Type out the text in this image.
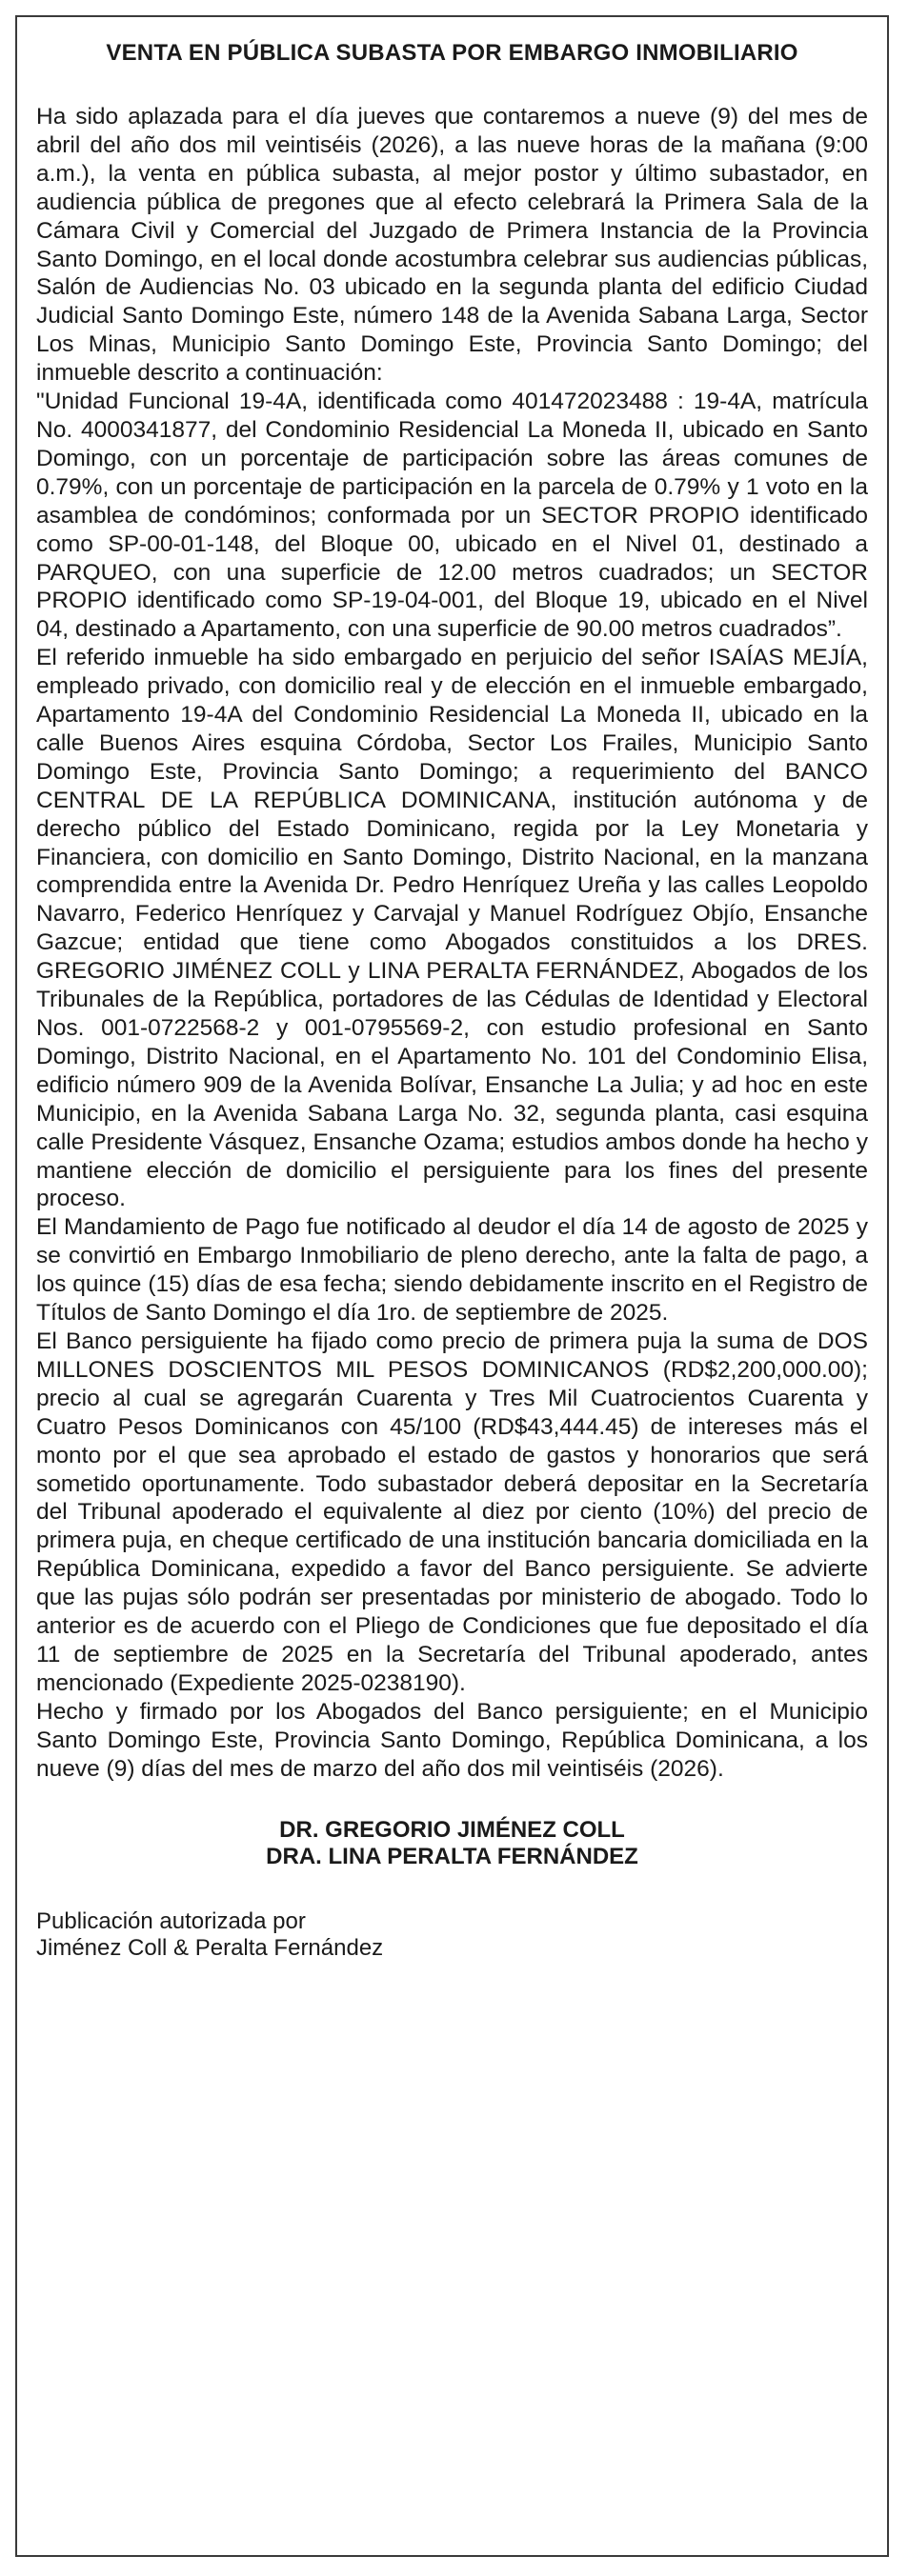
VENTA EN PÚBLICA SUBASTA POR EMBARGO INMOBILIARIO

Ha sido aplazada para el día jueves que contaremos a nueve (9) del mes de abril del año dos mil veintiséis (2026), a las nueve horas de la mañana (9:00 a.m.), la venta en pública subasta, al mejor postor y último subastador, en audiencia pública de pregones que al efecto celebrará la Primera Sala de la Cámara Civil y Comercial del Juzgado de Primera Instancia de la Provincia Santo Domingo, en el local donde acostumbra celebrar sus audiencias públicas, Salón de Audiencias No. 03 ubicado en la segunda planta del edificio Ciudad Judicial Santo Domingo Este, número 148 de la Avenida Sabana Larga, Sector Los Minas, Municipio Santo Domingo Este, Provincia Santo Domingo; del inmueble descrito a continuación:

"Unidad Funcional 19-4A, identificada como 401472023488 : 19-4A, matrícula No. 4000341877, del Condominio Residencial La Moneda II, ubicado en Santo Domingo, con un porcentaje de participación sobre las áreas comunes de 0.79%, con un porcentaje de participación en la parcela de 0.79% y 1 voto en la asamblea de condóminos; conformada por un SECTOR PROPIO identificado como SP-00-01-148, del Bloque 00, ubicado en el Nivel 01, destinado a PARQUEO, con una superficie de 12.00 metros cuadrados; un SECTOR PROPIO identificado como SP-19-04-001, del Bloque 19, ubicado en el Nivel 04, destinado a Apartamento, con una superficie de 90.00 metros cuadrados”.

El referido inmueble ha sido embargado en perjuicio del señor ISAÍAS MEJÍA, empleado privado, con domicilio real y de elección en el inmueble embargado, Apartamento 19-4A del Condominio Residencial La Moneda II, ubicado en la calle Buenos Aires esquina Córdoba, Sector Los Frailes, Municipio Santo Domingo Este, Provincia Santo Domingo; a requerimiento del BANCO CENTRAL DE LA REPÚBLICA DOMINICANA, institución autónoma y de derecho público del Estado Dominicano, regida por la Ley Monetaria y Financiera, con domicilio en Santo Domingo, Distrito Nacional, en la manzana comprendida entre la Avenida Dr. Pedro Henríquez Ureña y las calles Leopoldo Navarro, Federico Henríquez y Carvajal y Manuel Rodríguez Objío, Ensanche Gazcue; entidad que tiene como Abogados constituidos a los DRES. GREGORIO JIMÉNEZ COLL y LINA PERALTA FERNÁNDEZ, Abogados de los Tribunales de la República, portadores de las Cédulas de Identidad y Electoral Nos. 001-0722568-2 y 001-0795569-2, con estudio profesional en Santo Domingo, Distrito Nacional, en el Apartamento No. 101 del Condominio Elisa, edificio número 909 de la Avenida Bolívar, Ensanche La Julia; y ad hoc en este Municipio, en la Avenida Sabana Larga No. 32, segunda planta, casi esquina calle Presidente Vásquez, Ensanche Ozama; estudios ambos donde ha hecho y mantiene elección de domicilio el persiguiente para los fines del presente proceso.

El Mandamiento de Pago fue notificado al deudor el día 14 de agosto de 2025 y se convirtió en Embargo Inmobiliario de pleno derecho, ante la falta de pago, a los quince (15) días de esa fecha; siendo debidamente inscrito en el Registro de Títulos de Santo Domingo el día 1ro. de septiembre de 2025.

El Banco persiguiente ha fijado como precio de primera puja la suma de DOS MILLONES DOSCIENTOS MIL PESOS DOMINICANOS (RD$2,200,000.00); precio al cual se agregarán Cuarenta y Tres Mil Cuatrocientos Cuarenta y Cuatro Pesos Dominicanos con 45/100 (RD$43,444.45) de intereses más el monto por el que sea aprobado el estado de gastos y honorarios que será sometido oportunamente. Todo subastador deberá depositar en la Secretaría del Tribunal apoderado el equivalente al diez por ciento (10%) del precio de primera puja, en cheque certificado de una institución bancaria domiciliada en la República Dominicana, expedido a favor del Banco persiguiente. Se advierte que las pujas sólo podrán ser presentadas por ministerio de abogado. Todo lo anterior es de acuerdo con el Pliego de Condiciones que fue depositado el día 11 de septiembre de 2025 en la Secretaría del Tribunal apoderado, antes mencionado (Expediente 2025-0238190).

Hecho y firmado por los Abogados del Banco persiguiente; en el Municipio Santo Domingo Este, Provincia Santo Domingo, República Dominicana, a los nueve (9) días del mes de marzo del año dos mil veintiséis (2026).

DR. GREGORIO JIMÉNEZ COLL
DRA. LINA PERALTA FERNÁNDEZ
Publicación autorizada por
Jiménez Coll & Peralta Fernández
